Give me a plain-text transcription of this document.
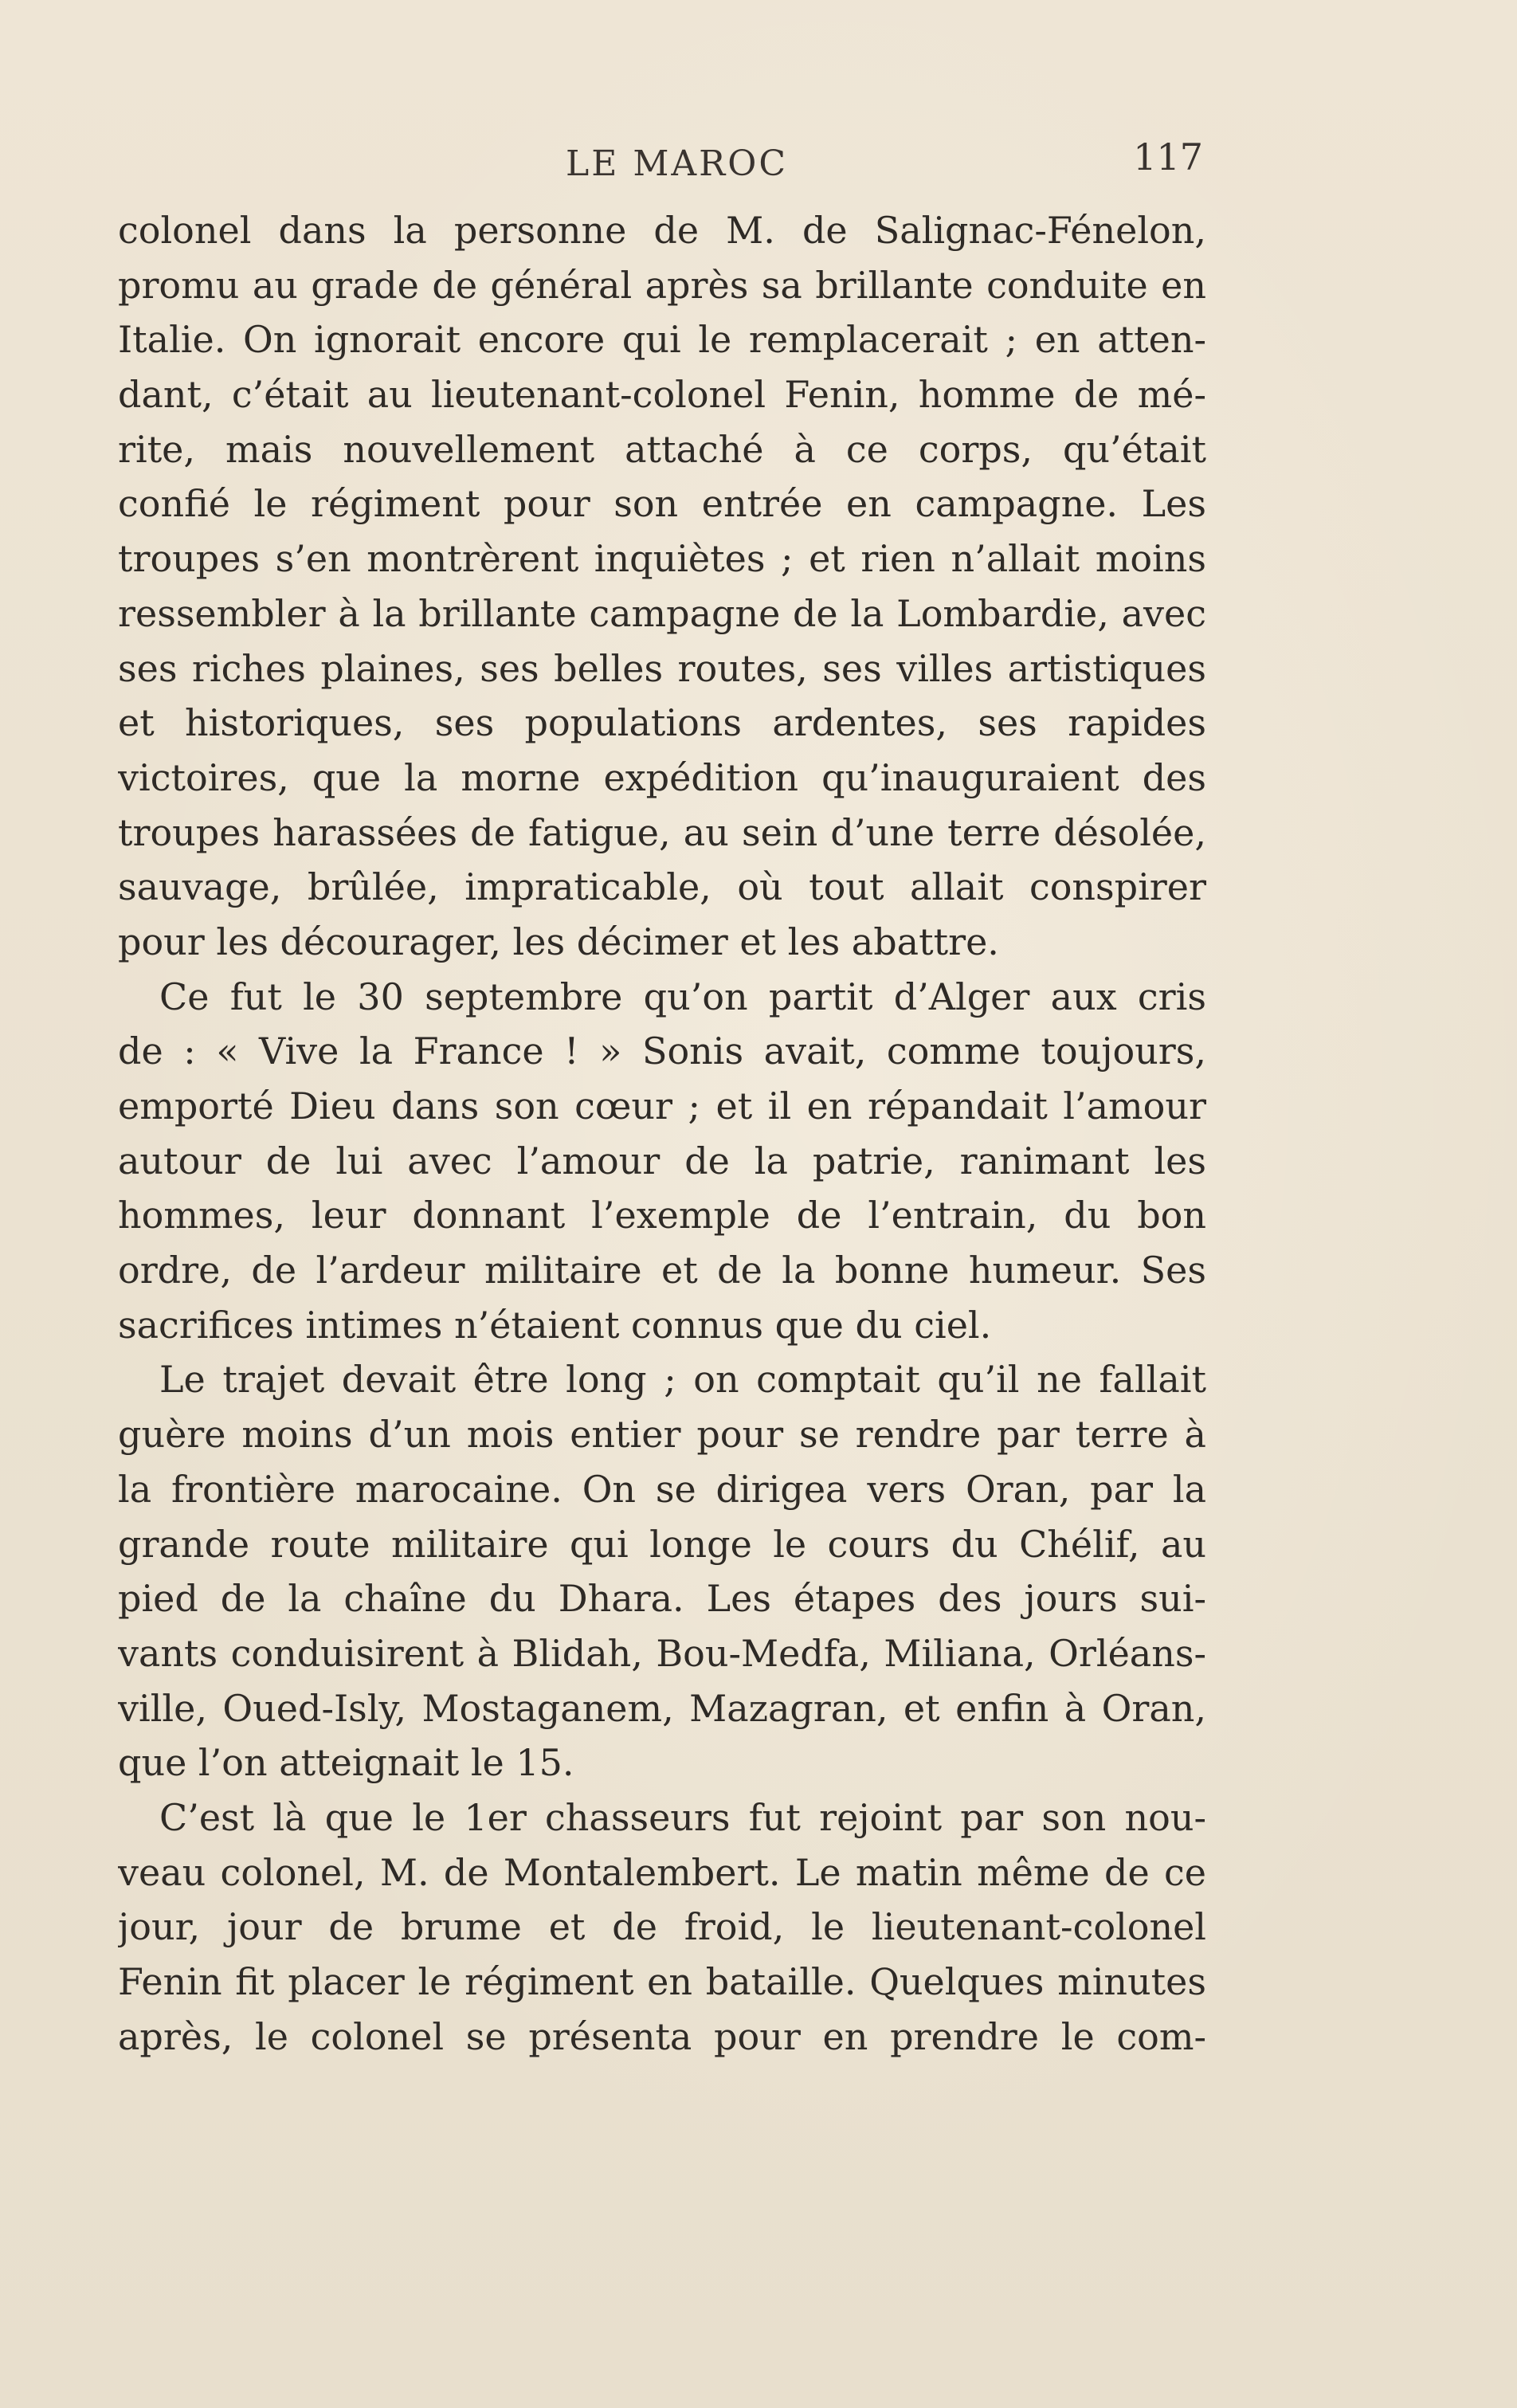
LE MAROC	117
colonel dans la personne de M. de Salignac-Fénelon,
promu au grade de général après sa brillante conduite en
Italie. On ignorait encore qui le remplacerait ; en atten-
dant, c’était au lieutenant-colonel Fenin, homme de mé-
rite, mais nouvellement attaché à ce corps, qu’était
confié le régiment pour son entrée en campagne. Les
troupes s’en montrèrent inquiètes ; et rien n’allait moins
ressembler à la brillante campagne de la Lombardie, avec
ses riches plaines, ses belles routes, ses villes artistiques
et historiques, ses populations ardentes, ses rapides
victoires, que la morne expédition qu’inauguraient des
troupes harassées de fatigue, au sein d’une terre désolée,
sauvage, brûlée, impraticable, où tout allait conspirer
pour les décourager, les décimer et les abattre.
Ce fut le 30 septembre qu’on partit d’Alger aux cris
de : « Vive la France ! » Sonis avait, comme toujours,
emporté Dieu dans son cœur ; et il en répandait l’amour
autour de lui avec l’amour de la patrie, ranimant les
hommes, leur donnant l’exemple de l’entrain, du bon
ordre, de l’ardeur militaire et de la bonne humeur. Ses
sacrifices intimes n’étaient connus que du ciel.
Le trajet devait être long ; on comptait qu’il ne fallait
guère moins d’un mois entier pour se rendre par terre à
la frontière marocaine. On se dirigea vers Oran, par la
grande route militaire qui longe le cours du Chélif, au
pied de la chaîne du Dhara. Les étapes des jours sui-
vants conduisirent à Blidah, Bou-Medfa, Miliana, Orléans-
ville, Oued-Isly, Mostaganem, Mazagran, et enfin à Oran,
que l’on atteignait le 15.
C’est là que le 1er chasseurs fut rejoint par son nou-
veau colonel, M. de Montalembert. Le matin même de ce
jour, jour de brume et de froid, le lieutenant-colonel
Fenin fit placer le régiment en bataille. Quelques minutes
après, le colonel se présenta pour en prendre le com-
